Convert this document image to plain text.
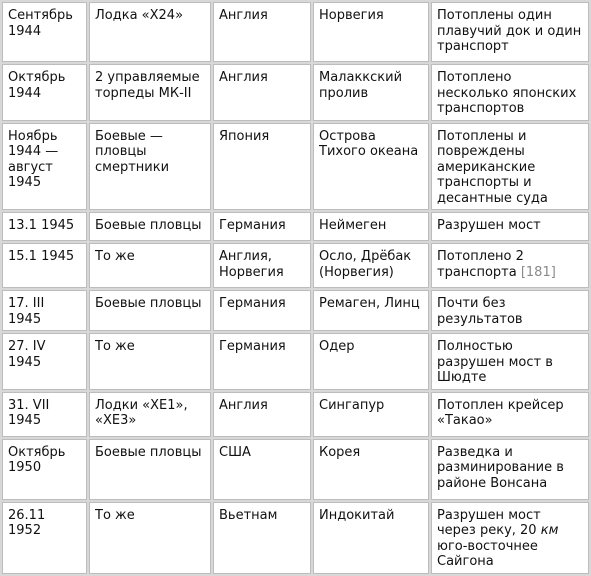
Сентябрь 1944	Лодка «Х24»	Англия	Норвегия	Потоплены один плавучий док и один транспорт
Октябрь 1944	2 управляемые торпеды МК-II	Англия	Малаккский пролив	Потоплено несколько японских транспортов
Ноябрь 1944 — август 1945	Боевые — пловцы смертники	Япония	Острова Тихого океана	Потоплены и повреждены американские транспорты и десантные суда
13.1 1945	Боевые пловцы	Германия	Неймеген	Разрушен мост
15.1 1945	То же	Англия, Норвегия	Осло, Дрёбак (Норвегия)	Потоплено 2 транспорта [181]
17. III 1945	Боевые пловцы	Германия	Ремаген, Линц	Почти без результатов
27. IV 1945	То же	Германия	Одер	Полностью разрушен мост в Шюдте
31. VII 1945	Лодки «ХЕ1», «ХЕ3»	Англия	Сингапур	Потоплен крейсер «Такао»
Октябрь 1950	Боевые пловцы	США	Корея	Разведка и разминирование в районе Вонсана
26.11 1952	То же	Вьетнам	Индокитай	Разрушен мост через реку, 20 км юго-восточнее Сайгона
